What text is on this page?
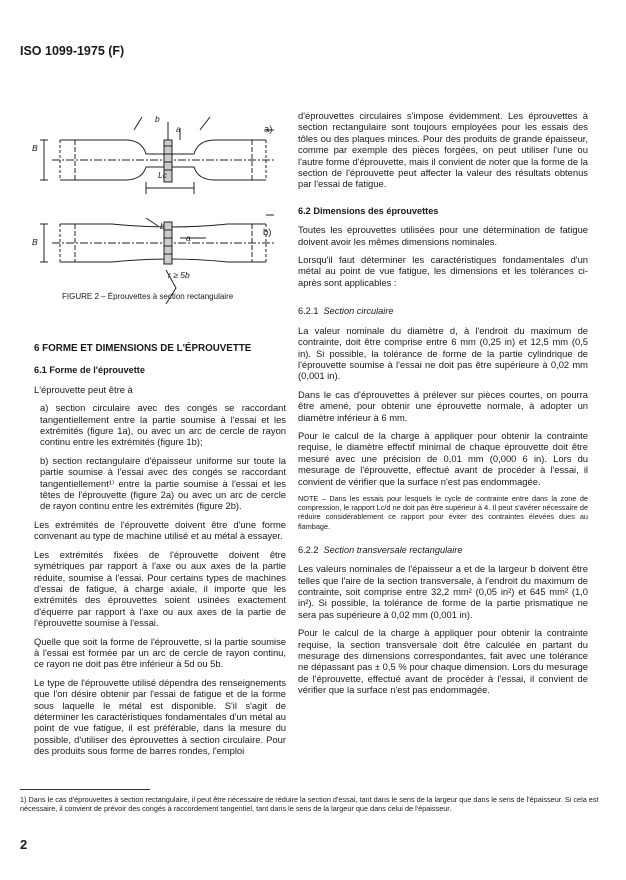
ISO 1099-1975 (F)
a)
b)
B
B
b
a
Lc
b
a
r ≥ 5b
FIGURE 2 – Éprouvettes à section rectangulaire

6 FORME ET DIMENSIONS DE L'ÉPROUVETTE

6.1 Forme de l'éprouvette

L'éprouvette peut être à

a) section circulaire avec des congés se raccordant tangentiellement entre la partie soumise à l'essai et les extrémités (figure 1a), ou avec un arc de cercle de rayon continu entre les extrémités (figure 1b);

b) section rectangulaire d'épaisseur uniforme sur toute la partie soumise à l'essai avec des congés se raccordant tangentiellement¹⁾ entre la partie soumise à l'essai et les têtes de l'éprouvette (figure 2a) ou avec un arc de cercle de rayon continu entre les extrémités (figure 2b).

Les extrémités de l'éprouvette doivent être d'une forme convenant au type de machine utilisé et au métal à essayer.

Les extrémités fixées de l'éprouvette doivent être symétriques par rapport à l'axe ou aux axes de la partie réduite, soumise à l'essai. Pour certains types de machines d'essai de fatigue, à charge axiale, il importe que les extrémités des éprouvettes soient usinées exactement d'équerre par rapport à l'axe ou aux axes de la partie de l'éprouvette soumise à l'essai.

Quelle que soit la forme de l'éprouvette, si la partie soumise à l'essai est formée par un arc de cercle de rayon continu, ce rayon ne doit pas être inférieur à 5d ou 5b.

Le type de l'éprouvette utilisé dépendra des renseignements que l'on désire obtenir par l'essai de fatigue et de la forme sous laquelle le métal est disponible. S'il s'agit de déterminer les caractéristiques fondamentales d'un métal au point de vue fatigue, il est préférable, dans la mesure du possible, d'utiliser des éprouvettes à section circulaire. Pour des produits sous forme de barres rondes, l'emploi

d'éprouvettes circulaires s'impose évidemment. Les éprouvettes à section rectangulaire sont toujours employées pour les essais des tôles ou des plaques minces. Pour des produits de grande épaisseur, comme par exemple des pièces forgées, on peut utiliser l'une ou l'autre forme d'éprouvette, mais il convient de noter que la forme de la section de l'éprouvette peut affecter la valeur des résultats obtenus par l'essai de fatigue.

6.2 Dimensions des éprouvettes

Toutes les éprouvettes utilisées pour une détermination de fatigue doivent avoir les mêmes dimensions nominales.

Lorsqu'il faut déterminer les caractéristiques fondamentales d'un métal au point de vue fatigue, les dimensions et les tolérances ci-après sont applicables :

6.2.1 Section circulaire

La valeur nominale du diamètre d, à l'endroit du maximum de contrainte, doit être comprise entre 6 mm (0,25 in) et 12,5 mm (0,5 in). Si possible, la tolérance de forme de la partie cylindrique de l'éprouvette soumise à l'essai ne doit pas être supérieure à 0,02 mm (0,001 in).

Dans le cas d'éprouvettes à prélever sur pièces courtes, on pourra être amené, pour obtenir une éprouvette normale, à adopter un diamètre inférieur à 6 mm.

Pour le calcul de la charge à appliquer pour obtenir la contrainte requise, le diamètre effectif minimal de chaque éprouvette doit être mesuré avec une précision de 0,01 mm (0,000 6 in). Lors du mesurage de l'éprouvette, effectué avant de procéder à l'essai, il convient de vérifier que la surface n'est pas endommagée.

NOTE – Dans les essais pour lesquels le cycle de contrainte entre dans la zone de compression, le rapport Lc/d ne doit pas être supérieur à 4. Il peut s'avérer nécessaire de réduire considérablement ce rapport pour éviter des contraintes élevées dues au flambage.

6.2.2 Section transversale rectangulaire

Les valeurs nominales de l'épaisseur a et de la largeur b doivent être telles que l'aire de la section transversale, à l'endroit du maximum de contrainte, soit comprise entre 32,2 mm² (0,05 in²) et 645 mm² (1,0 in²). Si possible, la tolérance de forme de la partie prismatique ne sera pas supérieure à 0,02 mm (0,001 in).

Pour le calcul de la charge à appliquer pour obtenir la contrainte requise, la section transversale doit être calculée en partant du mesurage des dimensions correspondantes, fait avec une tolérance ne dépassant pas ± 0,5 % pour chaque dimension. Lors du mesurage de l'éprouvette, effectué avant de procéder à l'essai, il convient de vérifier que la surface n'est pas endommagée.

1) Dans le cas d'éprouvettes à section rectangulaire, il peut être nécessaire de réduire la section d'essai, tant dans le sens de la largeur que dans le sens de l'épaisseur. Si cela est nécessaire, il convient de prévoir des congés à raccordement tangentiel, tant dans le sens de la largeur que dans celui de l'épaisseur.
2
